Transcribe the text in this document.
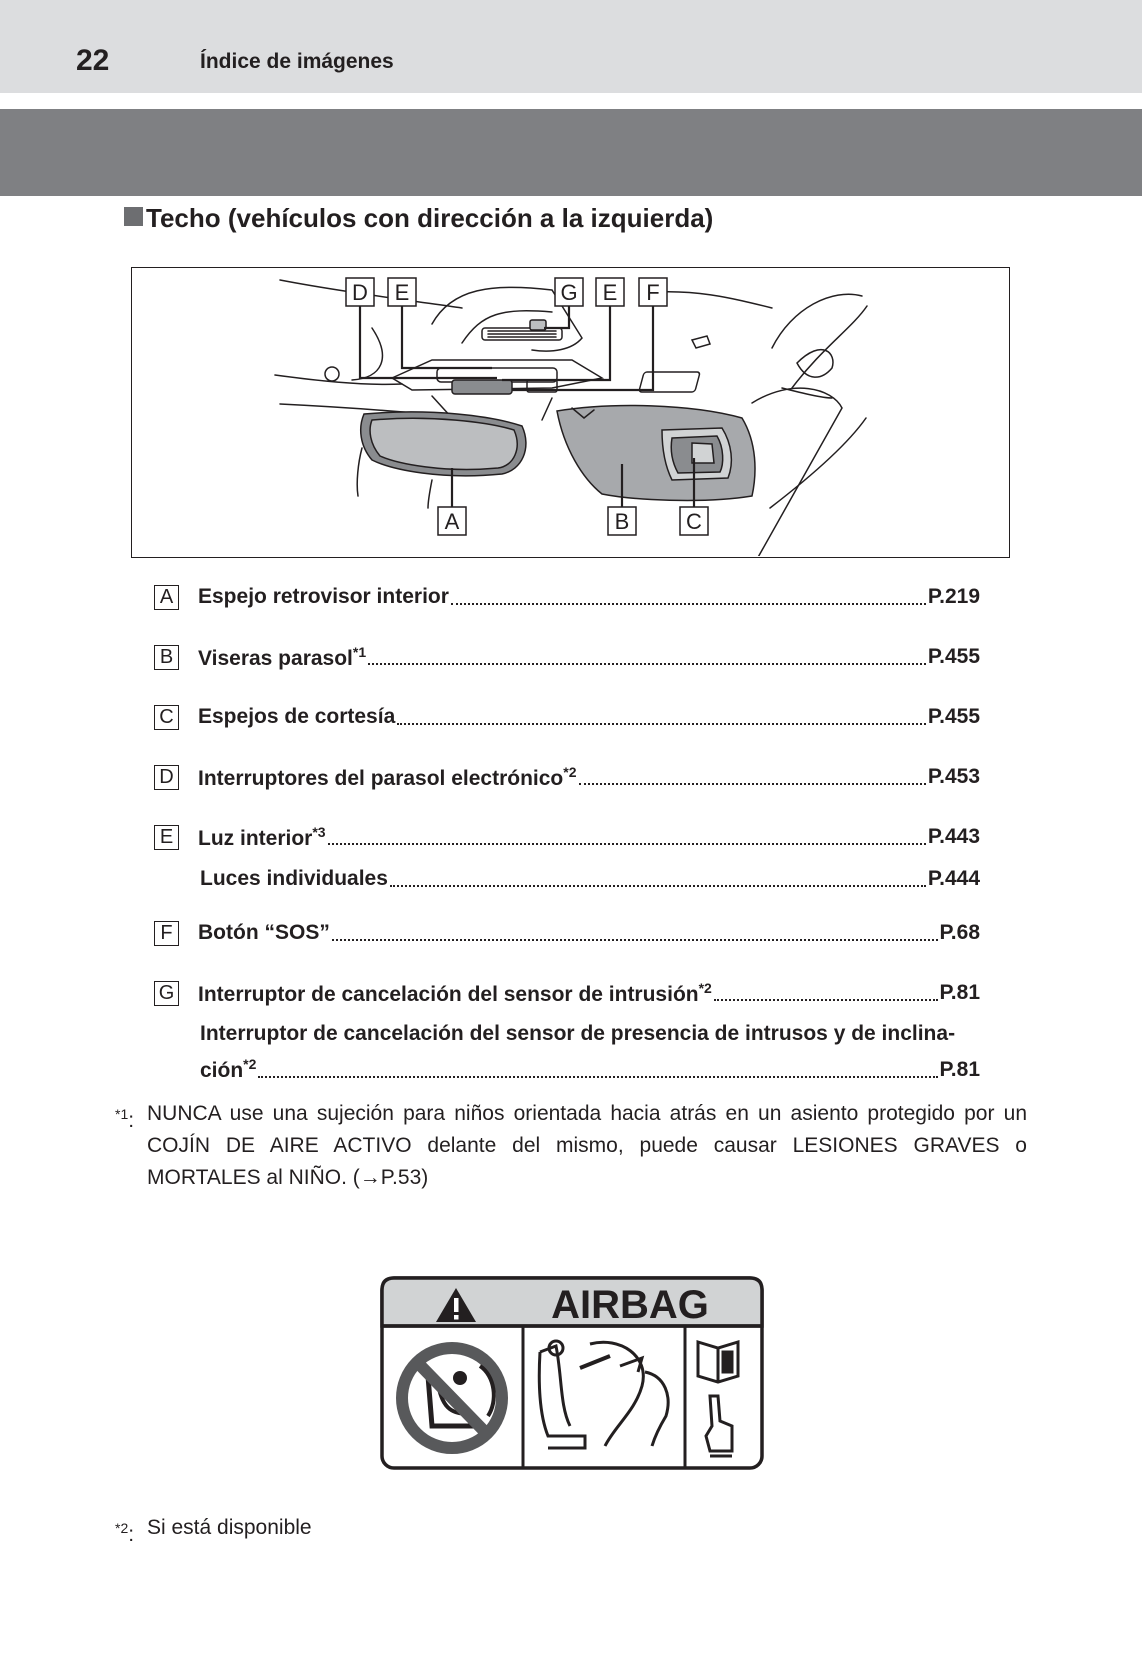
22	Índice de imágenes
Techo (vehículos con dirección a la izquierda)
D E	G E F
A	B	C
A Espejo retrovisor interior	P.219
B Viseras parasol$^{*1}$	P.455
C Espejos de cortesía	P.455
D Interruptores del parasol electrónico$^{*2}$	P.453
E Luz interior$^{*3}$	P.443
Luces individuales	P.444
F	Botón “SOS”	P.68
G Interruptor de cancelación del sensor de intrusión$^{*2}$	P.81
Interruptor de cancelación del sensor de presencia de intrusos y de inclina-
ción$^{*2}$	P.81
$^{*1}$: NUNCA use una sujeción para niños orientada hacia atrás en un asiento protegido por un COJÍN DE AIRE ACTIVO delante del mismo, puede causar LESIONES GRAVES o MORTALES al NIÑO. (→P.53)
AIRBAG
$^{*2}$: Si está disponible
